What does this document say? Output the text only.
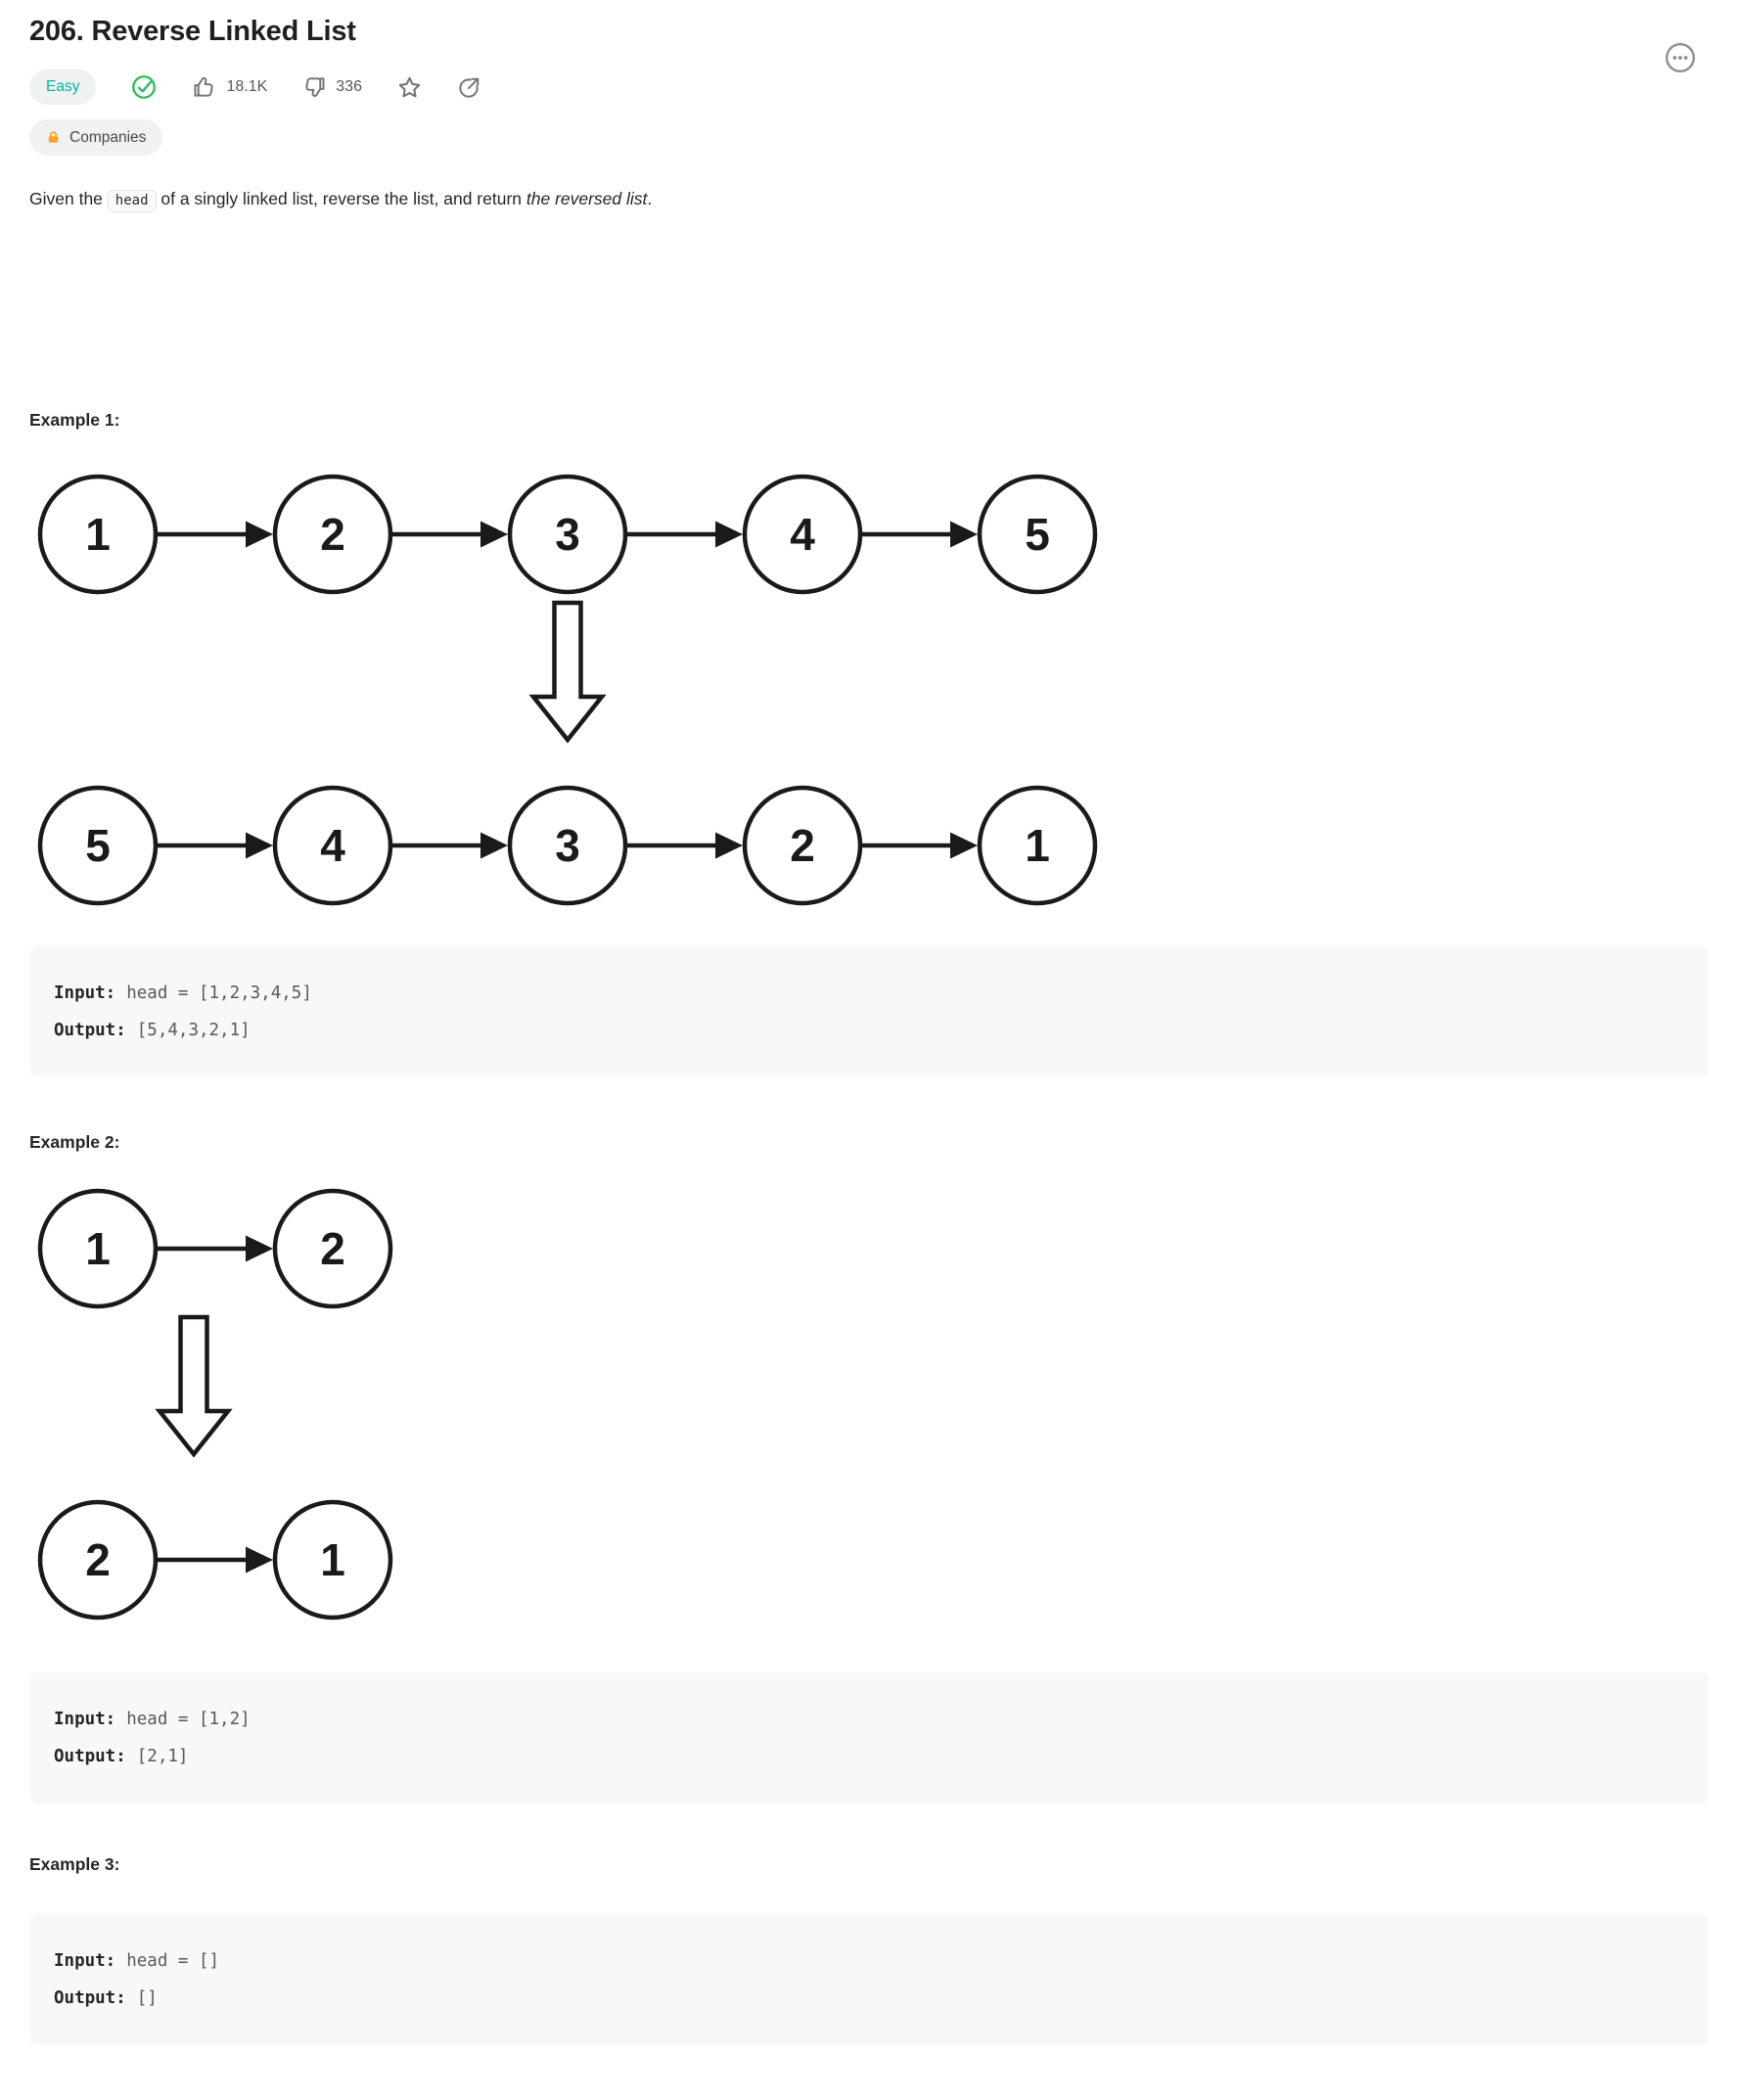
206. Reverse Linked List
Easy	18.1K	336
Companies

Given the head of a singly linked list, reverse the list, and return the reversed list.

Example 1:

1	2	3	4	5
5	4	3	2	1
Input: head = [1,2,3,4,5]
Output: [5,4,3,2,1]

Example 2:

1	2
2	1
Input: head = [1,2]
Output: [2,1]

Example 3:

Input: head = []
Output: []
